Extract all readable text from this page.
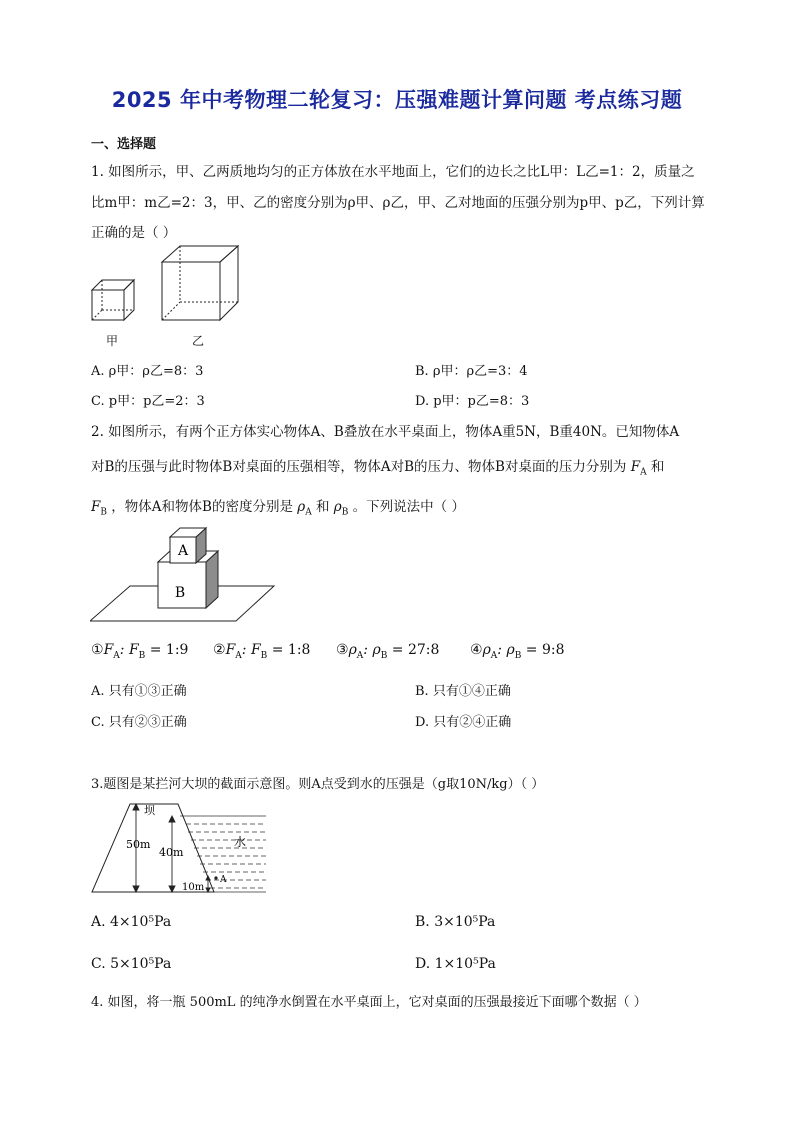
2025 年中考物理二轮复习：压强难题计算问题 考点练习题
一、选择题
1. 如图所示，甲、乙两质地均匀的正方体放在水平地面上，它们的边长之比L甲：L乙=1：2，质量之
比m甲：m乙=2：3，甲、乙的密度分别为ρ甲、ρ乙，甲、乙对地面的压强分别为p甲、p乙，下列计算
正确的是（ ）
甲	乙
A. ρ甲：ρ乙=8：3	B. ρ甲：ρ乙=3：4
C. p甲：p乙=2：3	D. p甲：p乙=8：3
2. 如图所示，有两个正方体实心物体A、B叠放在水平桌面上，物体A重5N，B重40N。已知物体A
对B的压强与此时物体B对桌面的压强相等，物体A对B的压力、物体B对桌面的压力分别为 $F_A$ 和
$F_B$ ，物体A和物体B的密度分别是 $\rho_A$ 和 $\rho_B$ 。下列说法中（ ）
A
B
$①F_A$: $F_B$ = 1:9 $②F_A$: $F_B$ = 1:8 $③\rho_A$: $\rho_B$ = 27:8 $④\rho_A$: $\rho_B$ = 9:8
A. 只有①③正确	B. 只有①④正确
C. 只有②③正确	D. 只有②④正确
3.题图是某拦河大坝的截面示意图。则A点受到水的压强是（g取10N/kg）（ ）
坝
水
50m
40m
10m
A
A. 4×10⁵Pa	B. 3×10⁵Pa
C. 5×10⁵Pa	D. 1×10⁵Pa
4. 如图，将一瓶 500mL 的纯净水倒置在水平桌面上，它对桌面的压强最接近下面哪个数据（ ）
